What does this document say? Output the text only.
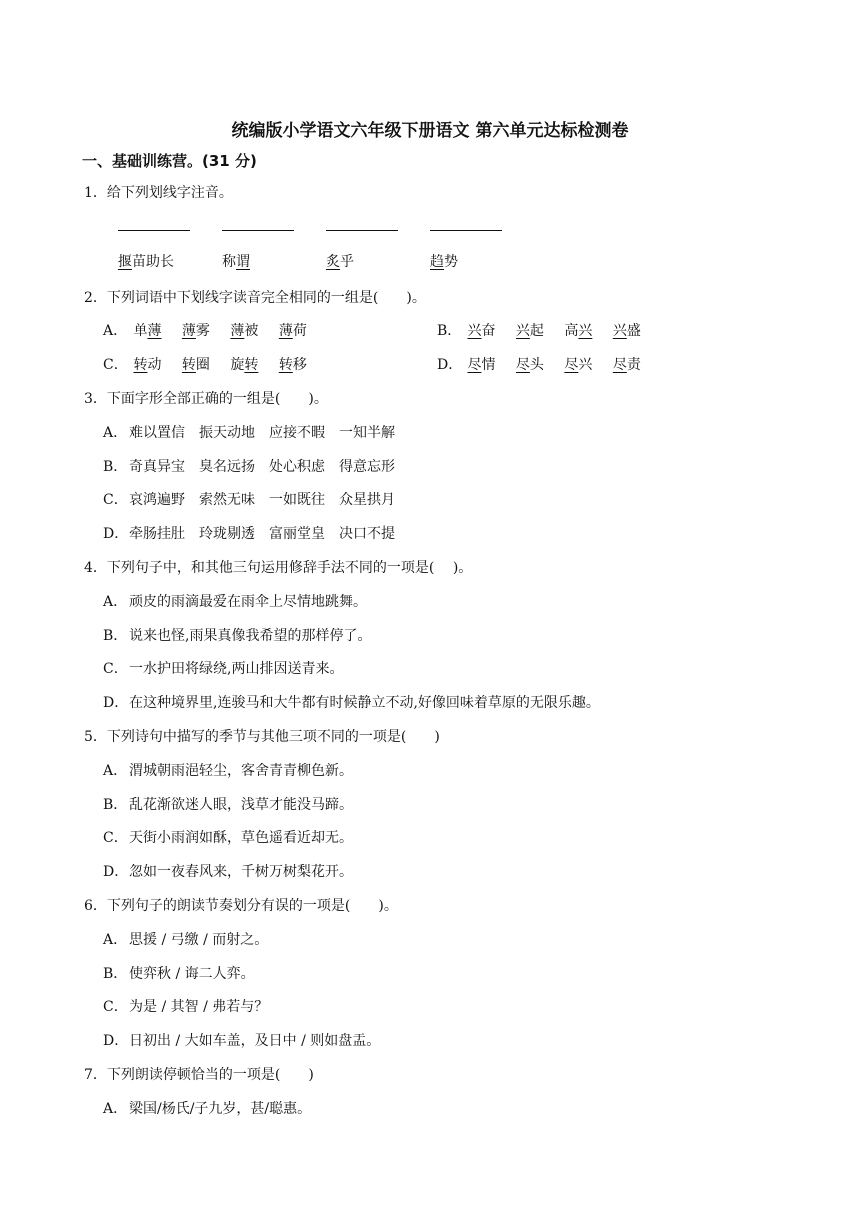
统编版小学语文六年级下册语文 第六单元达标检测卷
一、基础训练营。(31 分)
1．给下列划线字注音。
揠苗助长	称谓	炙乎	趋势
2．下列词语中下划线字读音完全相同的一组是(　　)。
A． 单薄 薄雾 薄被 薄荷	B． 兴奋 兴起 高兴 兴盛
C． 转动 转圈 旋转 转移	D． 尽情 尽头 尽兴 尽责
3．下面字形全部正确的一组是(　　)。
A． 难以置信　振天动地　应接不暇　一知半解
B． 奇真异宝　臭名远扬　处心积虑　得意忘形
C．哀鸿遍野　索然无味　一如既往　众星拱月
D．牵肠挂肚　玲珑剔透　富丽堂皇　决口不提
4．下列句子中，和其他三句运用修辞手法不同的一项是(　 )。
A． 顽皮的雨滴最爱在雨伞上尽情地跳舞。
B． 说来也怪,雨果真像我希望的那样停了。
C．一水护田将绿绕,两山排因送青来。
D．在这种境界里,连骏马和大牛都有时候静立不动,好像回味着草原的无限乐趣。
5．下列诗句中描写的季节与其他三项不同的一项是(　　)
A． 渭城朝雨浥轻尘，客舍青青柳色新。
B． 乱花渐欲迷人眼，浅草才能没马蹄。
C．天街小雨润如酥，草色遥看近却无。
D．忽如一夜春风来，千树万树梨花开。
6．下列句子的朗读节奏划分有误的一项是(　　)。
A． 思援 / 弓缴 / 而射之。
B． 使弈秋 / 诲二人弈。
C．为是 / 其智 / 弗若与？
D．日初出 / 大如车盖，及日中 / 则如盘盂。
7．下列朗读停顿恰当的一项是(　　)
A． 梁国/杨氏/子九岁，甚/聪惠。
